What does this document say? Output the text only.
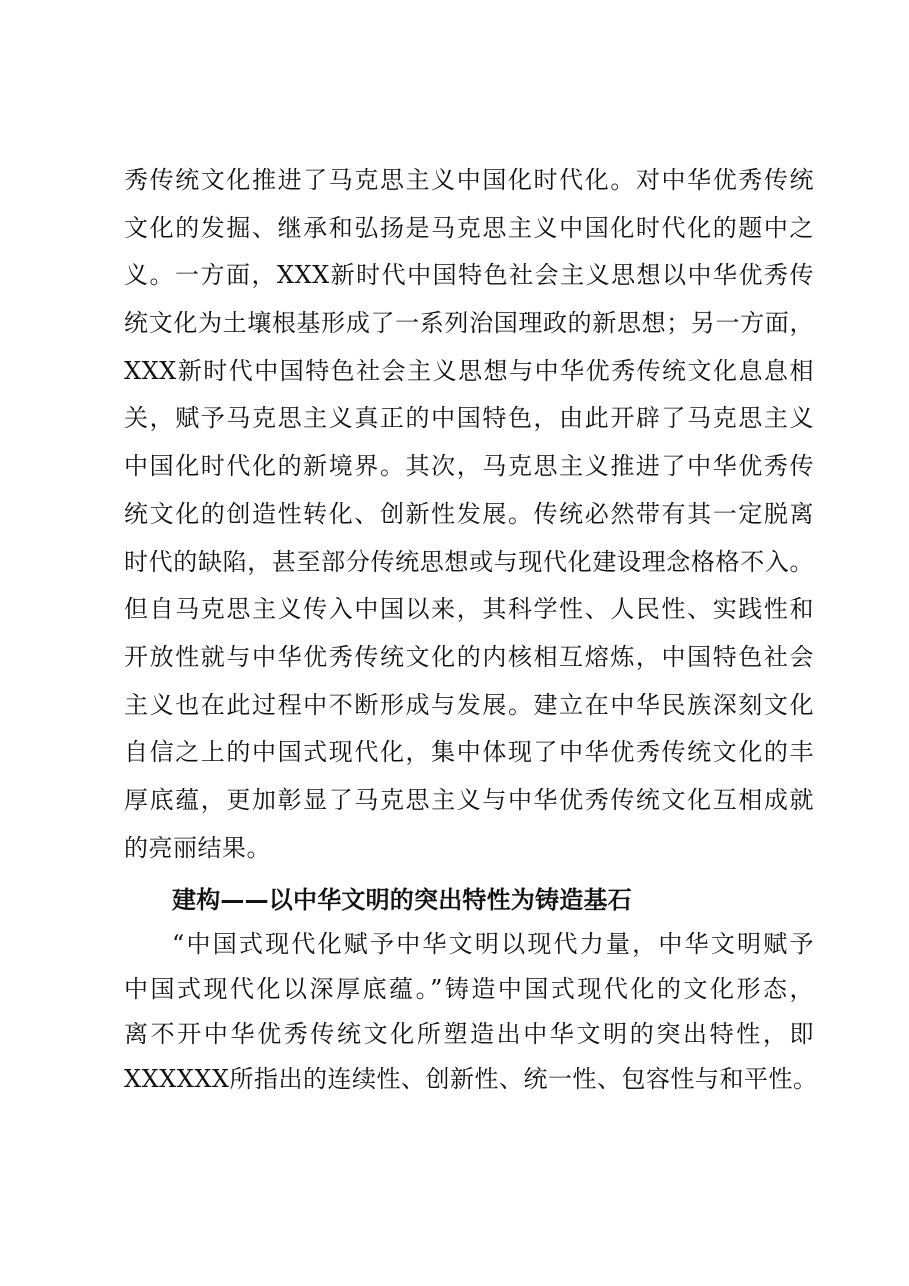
秀传统文化推进了马克思主义中国化时代化。对中华优秀传统
文化的发掘、继承和弘扬是马克思主义中国化时代化的题中之
义。一方面，XXX新时代中国特色社会主义思想以中华优秀传
统文化为土壤根基形成了一系列治国理政的新思想；另一方面，
XXX新时代中国特色社会主义思想与中华优秀传统文化息息相
关，赋予马克思主义真正的中国特色，由此开辟了马克思主义
中国化时代化的新境界。其次，马克思主义推进了中华优秀传
统文化的创造性转化、创新性发展。传统必然带有其一定脱离
时代的缺陷，甚至部分传统思想或与现代化建设理念格格不入。
但自马克思主义传入中国以来，其科学性、人民性、实践性和
开放性就与中华优秀传统文化的内核相互熔炼，中国特色社会
主义也在此过程中不断形成与发展。建立在中华民族深刻文化
自信之上的中国式现代化，集中体现了中华优秀传统文化的丰
厚底蕴，更加彰显了马克思主义与中华优秀传统文化互相成就
的亮丽结果。
建构——以中华文明的突出特性为铸造基石
“中国式现代化赋予中华文明以现代力量，中华文明赋予
中国式现代化以深厚底蕴。”铸造中国式现代化的文化形态，
离不开中华优秀传统文化所塑造出中华文明的突出特性，即
XXXXXX所指出的连续性、创新性、统一性、包容性与和平性。
